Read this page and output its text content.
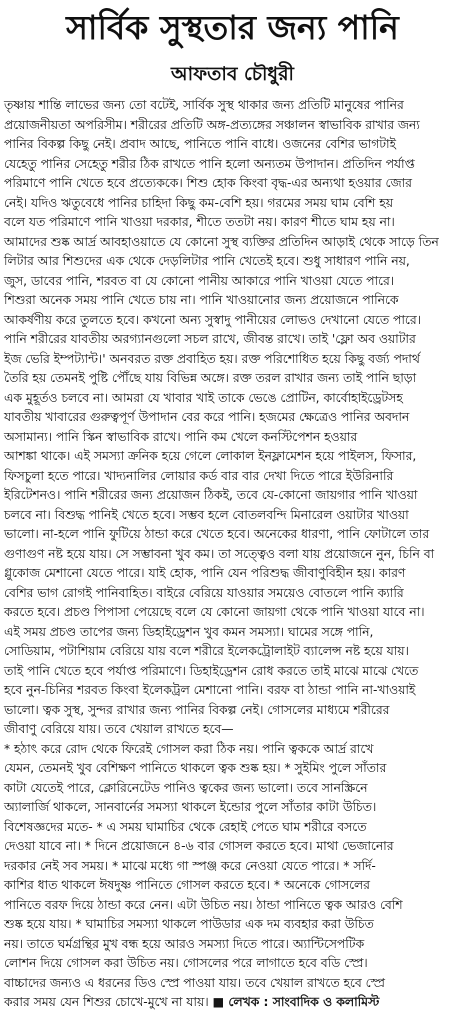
সার্বিক সুস্থতার জন্য পানি
আফতাব চৌধুরী

তৃষ্ণায় শান্তি লাভের জন্য তো বটেই, সার্বিক সুস্থ থাকার জন্য প্রতিটি মানুষের পানির

প্রয়োজনীয়তা অপরিসীম। শরীরের প্রতিটি অঙ্গ-প্রত্যঙ্গের সঞ্চালন স্বাভাবিক রাখার জন্য

পানির বিকল্প কিছু নেই। প্রবাদ আছে, পানিতে পানি বাধে। ওজনের বেশির ভাগটাই

যেহেতু পানির সেহেতু শরীর ঠিক রাখতে পানি হলো অন্যতম উপাদান। প্রতিদিন পর্যাপ্ত

পরিমাণে পানি খেতে হবে প্রত্যেককে। শিশু হোক কিংবা বৃদ্ধ-এর অন্যথা হওয়ার জোর

নেই। যদিও ঋতুবেধে পানির চাহিদা কিছু কম-বেশি হয়। গরমের সময় ঘাম বেশি হয়

বলে যত পরিমাণে পানি খাওয়া দরকার, শীতে ততটা নয়। কারণ শীতে ঘাম হয় না।

আমাদের শুষ্ক আর্দ্র আবহাওয়াতে যে কোনো সুস্থ ব্যক্তির প্রতিদিন আড়াই থেকে সাড়ে তিন

লিটার আর শিশুদের এক থেকে দেড়লিটার পানি খেতেই হবে। শুধু সাধারণ পানি নয়,

জুস, ডাবের পানি, শরবত বা যে কোনো পানীয় আকারে পানি খাওয়া যেতে পারে।

শিশুরা অনেক সময় পানি খেতে চায় না। পানি খাওয়ানোর জন্য প্রয়োজনে পানিকে

আকর্ষণীয় করে তুলতে হবে। কখনো অন্য সুস্বাদু পানীয়ের লোভও দেখানো যেতে পারে।

পানি শরীরের যাবতীয় অরগ্যানগুলো সচল রাখে, জীবন্ত রাখে। তাই 'ফ্লো অব ওয়াটার

ইজ ভেরি ইম্পট্যান্ট।' অনবরত রক্ত প্রবাহিত হয়। রক্ত পরিশোধিত হয়ে কিছু বর্জ্য পদার্থ

তৈরি হয় তেমনই পুষ্টি পৌঁছে যায় বিভিন্ন অঙ্গে। রক্ত তরল রাখার জন্য তাই পানি ছাড়া

এক মুহূর্তও চলবে না। আমরা যে খাবার খাই তাকে ভেঙে প্রোটিন, কার্বোহাইড্রেটসহ

যাবতীয় খাবারের গুরুত্বপূর্ণ উপাদান বের করে পানি। হজমের ক্ষেত্রেও পানির অবদান

অসামান্য। পানি স্কিন স্বাভাবিক রাখে। পানি কম খেলে কনস্টিপেশন হওয়ার

আশঙ্কা থাকে। এই সমস্যা ক্রনিক হয়ে গেলে লোকাল ইনফ্লামেশন হয়ে পাইলস, ফিসার,

ফিসচুলা হতে পারে। খাদ্যনালির লোয়ার কর্ড বার বার দেখা দিতে পারে ইউরিনারি

ইরিটেশনও। পানি শরীরের জন্য প্রয়োজন ঠিকই, তবে যে-কোনো জায়গার পানি খাওয়া

চলবে না। বিশুদ্ধ পানিই খেতে হবে। সম্ভব হলে বোতলবন্দি মিনারেল ওয়াটার খাওয়া

ভালো। না-হলে পানি ফুটিয়ে ঠান্ডা করে খেতে হবে। অনেকের ধারণা, পানি ফোটালে তার

গুণাগুণ নষ্ট হয়ে যায়। সে সম্ভাবনা খুব কম। তা সত্ত্বেও বলা যায় প্রয়োজনে নুন, চিনি বা

গ্লুকোজ মেশানো যেতে পারে। যাই হোক, পানি যেন পরিশুদ্ধ জীবাণুবিহীন হয়। কারণ

বেশির ভাগ রোগই পানিবাহিত। বাইরে বেরিয়ে যাওয়ার সময়েও বোতলে পানি ক্যারি

করতে হবে। প্রচণ্ড পিপাসা পেয়েছে বলে যে কোনো জায়গা থেকে পানি খাওয়া যাবে না।

এই সময় প্রচণ্ড তাপের জন্য ডিহাইড্রেশন খুব কমন সমস্যা। ঘামের সঙ্গে পানি,

সোডিয়াম, পটাশিয়াম বেরিয়ে যায় বলে শরীরে ইলেকট্রোলাইট ব্যালেন্স নষ্ট হয়ে যায়।

তাই পানি খেতে হবে পর্যাপ্ত পরিমাণে। ডিহাইড্রেশন রোধ করতে তাই মাঝে মাঝে খেতে

হবে নুন-চিনির শরবত কিংবা ইলেকট্রল মেশানো পানি। বরফ বা ঠান্ডা পানি না-খাওয়াই

ভালো। ত্বক সুস্থ, সুন্দর রাখার জন্য পানির বিকল্প নেই। গোসলের মাধ্যমে শরীরের

জীবাণু বেরিয়ে যায়। তবে খেয়াল রাখতে হবে—

* হঠাৎ করে রোদ থেকে ফিরেই গোসল করা ঠিক নয়। পানি ত্বককে আর্দ্র রাখে

যেমন, তেমনই খুব বেশিক্ষণ পানিতে থাকলে ত্বক শুষ্ক হয়। * সুইমিং পুলে সাঁতার

কাটা যেতেই পারে, ক্লোরিনেটেড পানিও ত্বকের জন্য ভালো। তবে সানস্ক্রিনে

অ্যালার্জি থাকলে, সানবার্নের সমস্যা থাকলে ইন্ডোর পুলে সাঁতার কাটা উচিত।

বিশেষজ্ঞদের মতে- * এ সময় ঘামাচির থেকে রেহাই পেতে ঘাম শরীরে বসতে

দেওয়া যাবে না। * দিনে প্রয়োজনে ৪-৬ বার গোসল করতে হবে। মাথা ভেজানোর

দরকার নেই সব সময়। * মাঝে মধ্যে গা স্পঞ্জ করে নেওয়া যেতে পারে। * সর্দি-

কাশির ধাত থাকলে ঈষদুষ্ণ পানিতে গোসল করতে হবে। * অনেকে গোসলের

পানিতে বরফ দিয়ে ঠান্ডা করে নেন। এটা উচিত নয়। ঠান্ডা পানিতে ত্বক আরও বেশি

শুষ্ক হয়ে যায়। * ঘামাচির সমস্যা থাকলে পাউডার এক দম ব্যবহার করা উচিত

নয়। তাতে ঘর্মগ্রন্থির মুখ বন্ধ হয়ে আরও সমস্যা দিতে পারে। অ্যান্টিসেপটিক

লোশন দিয়ে গোসল করা উচিত নয়। গোসলের পরে লাগাতে হবে বডি স্প্রে।

বাচ্চাদের জন্যও এ ধরনের ডিও স্প্রে পাওয়া যায়। তবে খেয়াল রাখতে হবে স্প্রে

করার সময় যেন শিশুর চোখে-মুখে না যায়। ■ লেখক : সাংবাদিক ও কলামিস্ট
